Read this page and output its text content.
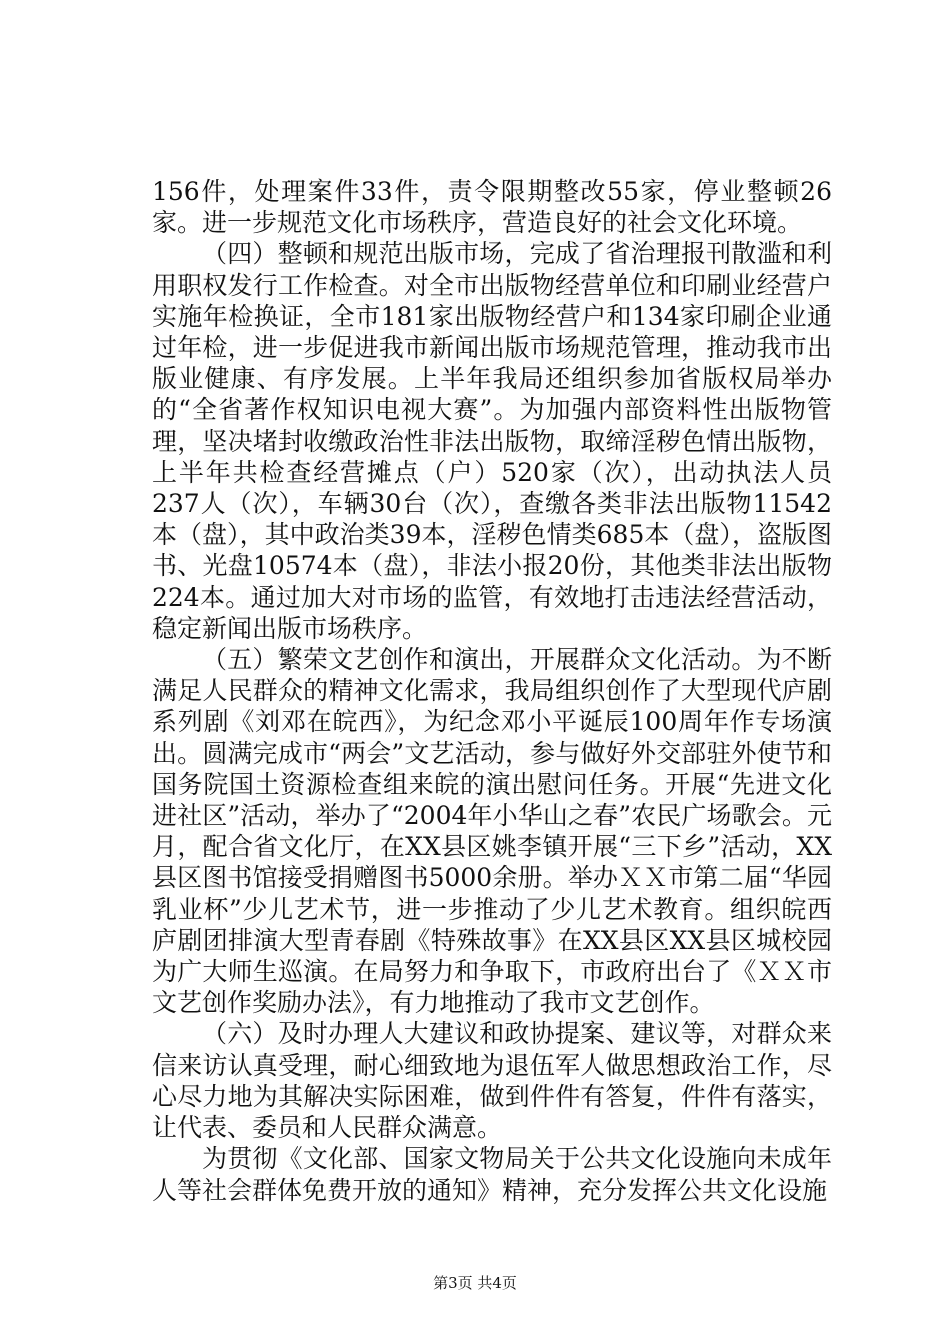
156件，处理案件33件，责令限期整改55家，停业整顿26家。进一步规范文化市场秩序，营造良好的社会文化环境。

（四）整顿和规范出版市场，完成了省治理报刊散滥和利用职权发行工作检查。对全市出版物经营单位和印刷业经营户实施年检换证，全市181家出版物经营户和134家印刷企业通过年检，进一步促进我市新闻出版市场规范管理，推动我市出版业健康、有序发展。上半年我局还组织参加省版权局举办的“全省著作权知识电视大赛”。为加强内部资料性出版物管理，坚决堵封收缴政治性非法出版物，取缔淫秽色情出版物，上半年共检查经营摊点（户）520家（次），出动执法人员237人（次），车辆30台（次），查缴各类非法出版物11542本（盘），其中政治类39本，淫秽色情类685本（盘），盗版图书、光盘10574本（盘），非法小报20份，其他类非法出版物224本。通过加大对市场的监管，有效地打击违法经营活动，稳定新闻出版市场秩序。

（五）繁荣文艺创作和演出，开展群众文化活动。为不断满足人民群众的精神文化需求，我局组织创作了大型现代庐剧系列剧《刘邓在皖西》，为纪念邓小平诞辰100周年作专场演出。圆满完成市“两会”文艺活动，参与做好外交部驻外使节和国务院国土资源检查组来皖的演出慰问任务。开展“先进文化进社区”活动，举办了“2004年小华山之春”农民广场歌会。元月，配合省文化厅，在XX县区姚李镇开展“三下乡”活动，XX县区图书馆接受捐赠图书5000余册。举办ＸＸ市第二届“华园乳业杯”少儿艺术节，进一步推动了少儿艺术教育。组织皖西庐剧团排演大型青春剧《特殊故事》在XX县区XX县区城校园为广大师生巡演。在局努力和争取下，市政府出台了《ＸＸ市文艺创作奖励办法》，有力地推动了我市文艺创作。

（六）及时办理人大建议和政协提案、建议等，对群众来信来访认真受理，耐心细致地为退伍军人做思想政治工作，尽心尽力地为其解决实际困难，做到件件有答复，件件有落实，让代表、委员和人民群众满意。

为贯彻《文化部、国家文物局关于公共文化设施向未成年人等社会群体免费开放的通知》精神，充分发挥公共文化设施

第3页 共4页
